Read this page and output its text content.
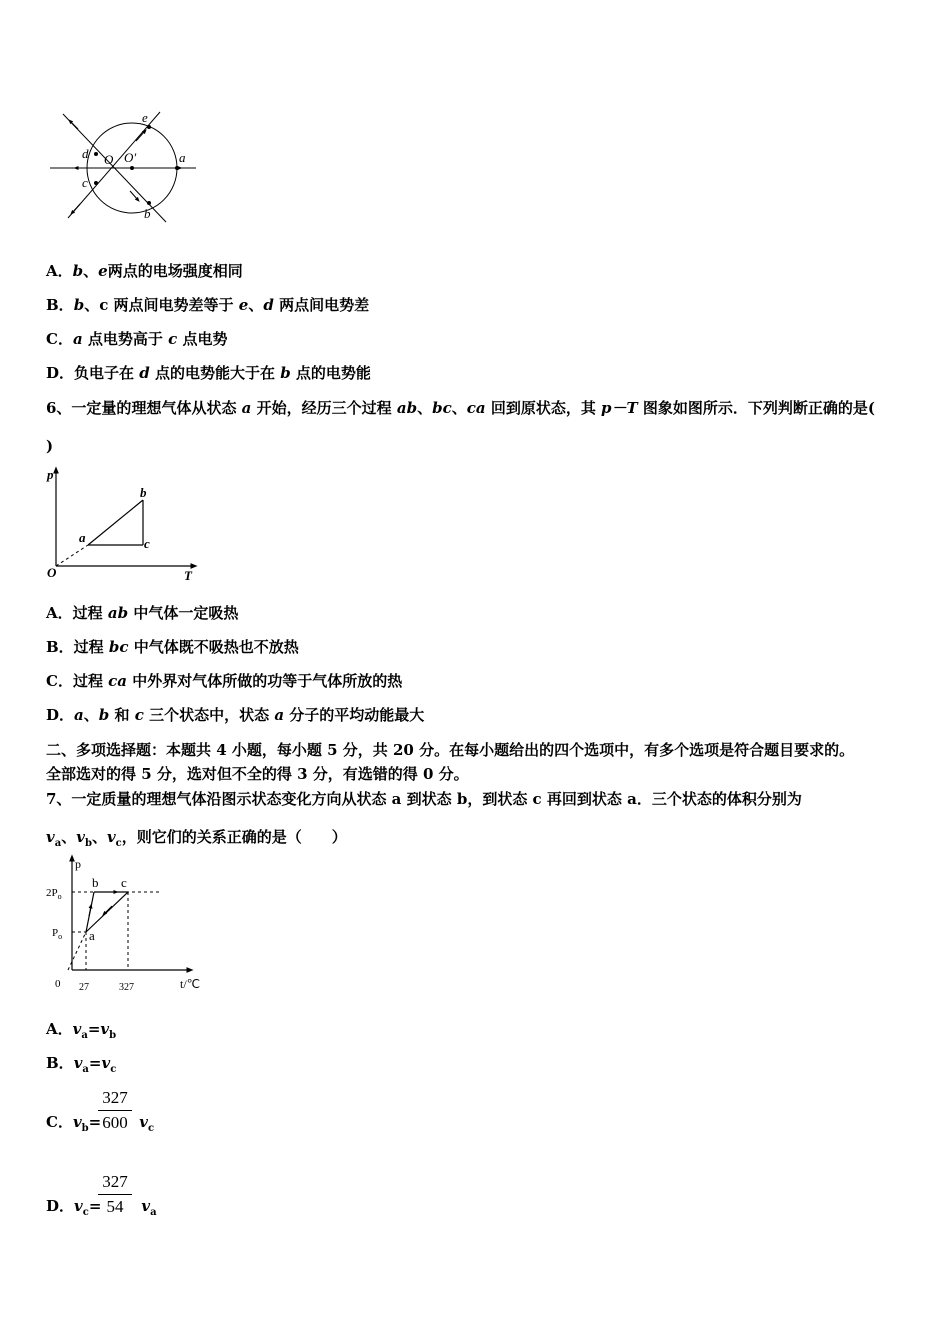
d O O′	a
e
c
b
A．b、e两点的电场强度相同
B．b、c 两点间电势差等于 e、d 两点间电势差
C．a 点电势高于 c 点电势
D．负电子在 d 点的电势能大于在 b 点的电势能
6、一定量的理想气体从状态 a 开始，经历三个过程 ab、bc、ca 回到原状态，其 p－T 图象如图所示．下列判断正确的是(
)
p
O	T
a
b
c
A．过程 ab 中气体一定吸热
B．过程 bc 中气体既不吸热也不放热
C．过程 ca 中外界对气体所做的功等于气体所放的热
D．a、b 和 c 三个状态中，状态 a 分子的平均动能最大
二、多项选择题：本题共 4 小题，每小题 5 分，共 20 分。在每小题给出的四个选项中，有多个选项是符合题目要求的。
全部选对的得 5 分，选对但不全的得 3 分，有选错的得 0 分。
7、一定质量的理想气体沿图示状态变化方向从状态 a 到状态 b，到状态 c 再回到状态 a．三个状态的体积分别为
$v_a$、$v_b$、$v_c$，则它们的关系正确的是（　　）
p
$2P_o$
$P_o$ a
b c
0 27	327	t/℃
A．$v_a=v_b$
B．$v_a=v_c$
C．$v_b=$	$v_c$
327
600
D．$v_c=$	$v_a$
327
54
